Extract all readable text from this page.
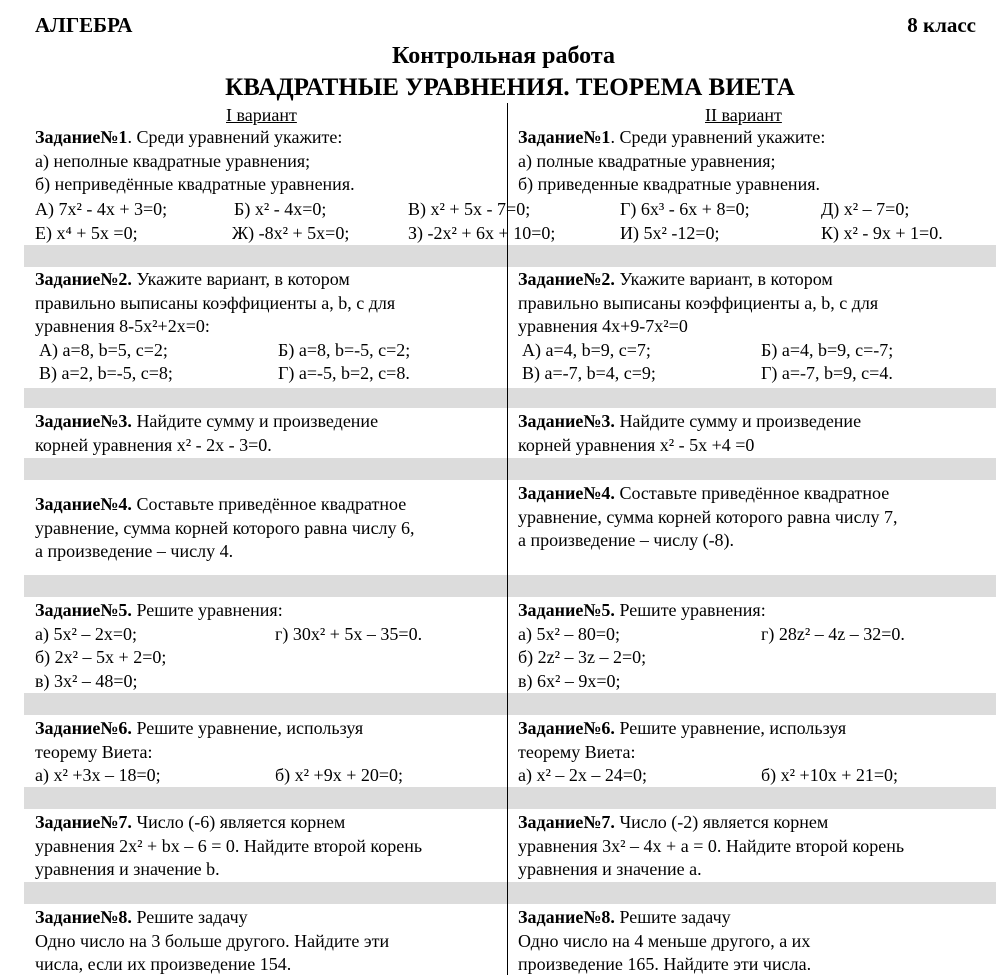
АЛГЕБРА	8 класс
Контрольная работа
КВАДРАТНЫЕ УРАВНЕНИЯ. ТЕОРЕМА ВИЕТА
I вариант	II вариант
Задание№1. Среди уравнений укажите:
а) неполные квадратные уравнения;
б) неприведённые квадратные уравнения.
Задание№1. Среди уравнений укажите:
а) полные квадратные уравнения;
б) приведенные квадратные уравнения.
А) 7x² - 4x + 3=0;	Б) x² - 4x=0;	В) x² + 5x - 7=0;	Г) 6x³ - 6x + 8=0;	Д) x² – 7=0;
Е) x⁴ + 5x =0;	Ж) -8x² + 5x=0;	З) -2x² + 6x + 10=0;	И) 5x² -12=0;	К) x² - 9x + 1=0.
Задание№2. Укажите вариант, в котором
правильно выписаны коэффициенты a, b, c для
уравнения 8-5x²+2x=0:
А) a=8, b=5, c=2;	Б) a=8, b=-5, c=2;
В) a=2, b=-5, c=8;	Г) a=-5, b=2, c=8.
Задание№2. Укажите вариант, в котором
правильно выписаны коэффициенты a, b, c для
уравнения 4x+9-7x²=0
А) a=4, b=9, c=7;	Б) a=4, b=9, c=-7;
В) a=-7, b=4, c=9;	Г) a=-7, b=9, c=4.
Задание№3. Найдите сумму и произведение
корней уравнения x² - 2x - 3=0.
Задание№3. Найдите сумму и произведение
корней уравнения x² - 5x +4 =0
Задание№4. Составьте приведённое квадратное
уравнение, сумма корней которого равна числу 6,
а произведение – числу 4.
Задание№4. Составьте приведённое квадратное
уравнение, сумма корней которого равна числу 7,
а произведение – числу (-8).
Задание№5. Решите уравнения:
а) 5x² – 2x=0;	г) 30x² + 5x – 35=0.
б) 2x² – 5x + 2=0;
в) 3x² – 48=0;
Задание№5. Решите уравнения:
а) 5x² – 80=0;	г) 28z² – 4z – 32=0.
б) 2z² – 3z – 2=0;
в) 6x² – 9x=0;
Задание№6. Решите уравнение, используя
теорему Виета:
а) x² +3x – 18=0;	б) x² +9x + 20=0;
Задание№6. Решите уравнение, используя
теорему Виета:
а) x² – 2x – 24=0;	б) x² +10x + 21=0;
Задание№7. Число (-6) является корнем
уравнения 2x² + bx – 6 = 0. Найдите второй корень
уравнения и значение b.
Задание№7. Число (-2) является корнем
уравнения 3x² – 4x + a = 0. Найдите второй корень
уравнения и значение a.
Задание№8. Решите задачу
Одно число на 3 больше другого. Найдите эти
числа, если их произведение 154.
Задание№8. Решите задачу
Одно число на 4 меньше другого, а их
произведение 165. Найдите эти числа.
